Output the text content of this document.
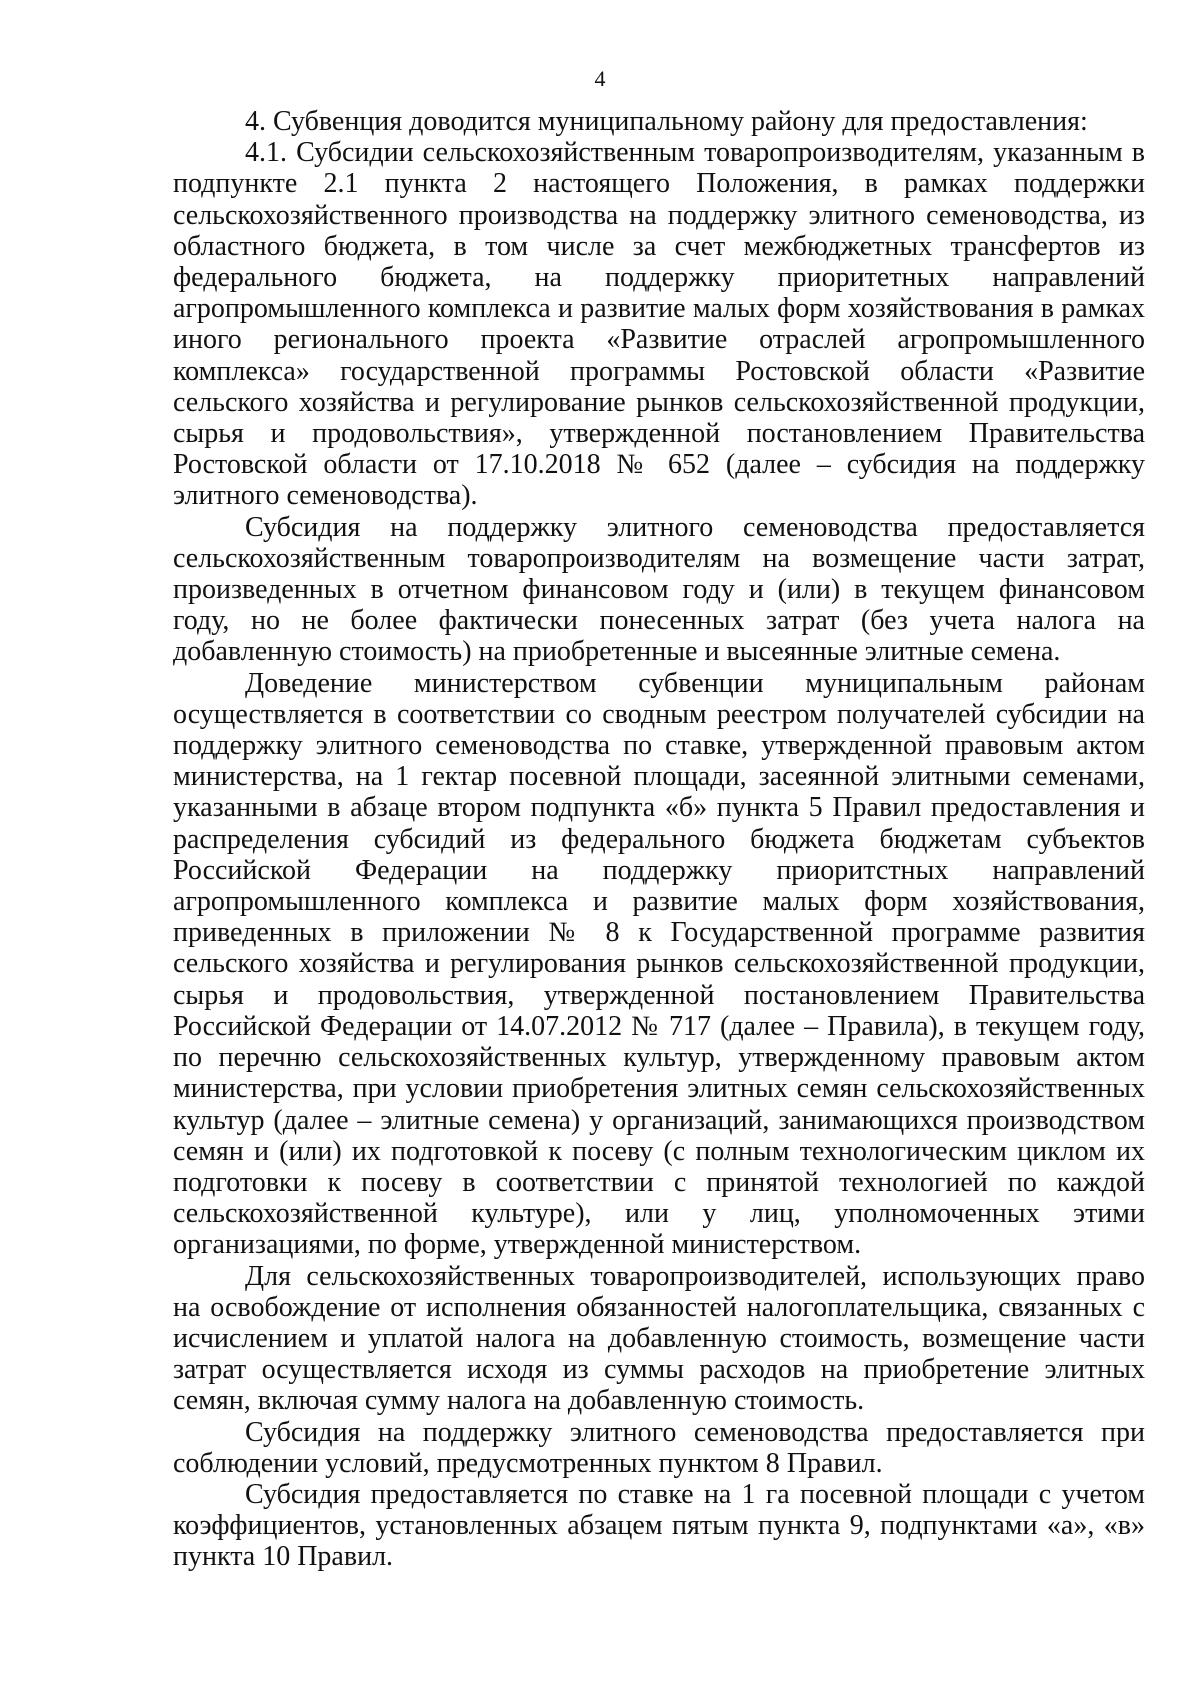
4

4. Субвенция доводится муниципальному району для предоставления:

4.1. Субсидии сельскохозяйственным товаропроизводителям, указанным в подпункте 2.1 пункта 2 настоящего Положения, в рамках поддержки сельскохозяйственного производства на поддержку элитного семеноводства, из областного бюджета, в том числе за счет межбюджетных трансфертов из федерального бюджета, на поддержку приоритетных направлений агропромышленного комплекса и развитие малых форм хозяйствования в рамках иного регионального проекта «Развитие отраслей агропромышленного комплекса» государственной программы Ростовской области «Развитие сельского хозяйства и регулирование рынков сельскохозяйственной продукции, сырья и продовольствия», утвержденной постановлением Правительства Ростовской области от 17.10.2018 № 652 (далее – субсидия на поддержку элитного семеноводства).

Субсидия на поддержку элитного семеноводства предоставляется сельскохозяйственным товаропроизводителям на возмещение части затрат, произведенных в отчетном финансовом году и (или) в текущем финансовом году, но не более фактически понесенных затрат (без учета налога на добавленную стоимость) на приобретенные и высеянные элитные семена.

Доведение министерством субвенции муниципальным районам осуществляется в соответствии со сводным реестром получателей субсидии на поддержку элитного семеноводства по ставке, утвержденной правовым актом министерства, на 1 гектар посевной площади, засеянной элитными семенами, указанными в абзаце втором подпункта «б» пункта 5 Правил предоставления и распределения субсидий из федерального бюджета бюджетам субъектов Российской Федерации на поддержку приоритстных направлений агропромышленного комплекса и развитие малых форм хозяйствования, приведенных в приложении № 8 к Государственной программе развития сельского хозяйства и регулирования рынков сельскохозяйственной продукции, сырья и продовольствия, утвержденной постановлением Правительства Российской Федерации от 14.07.2012 № 717 (далее – Правила), в текущем году, по перечню сельскохозяйственных культур, утвержденному правовым актом министерства, при условии приобретения элитных семян сельскохозяйственных культур (далее – элитные семена) у организаций, занимающихся производством семян и (или) их подготовкой к посеву (с полным технологическим циклом их подготовки к посеву в соответствии с принятой технологией по каждой сельскохозяйственной культуре), или у лиц, уполномоченных этими организациями, по форме, утвержденной министерством.

Для сельскохозяйственных товаропроизводителей, использующих право на освобождение от исполнения обязанностей налогоплательщика, связанных с исчислением и уплатой налога на добавленную стоимость, возмещение части затрат осуществляется исходя из суммы расходов на приобретение элитных семян, включая сумму налога на добавленную стоимость.

Субсидия на поддержку элитного семеноводства предоставляется при соблюдении условий, предусмотренных пунктом 8 Правил.

Субсидия предоставляется по ставке на 1 га посевной площади с учетом коэффициентов, установленных абзацем пятым пункта 9, подпунктами «а», «в» пункта 10 Правил.
